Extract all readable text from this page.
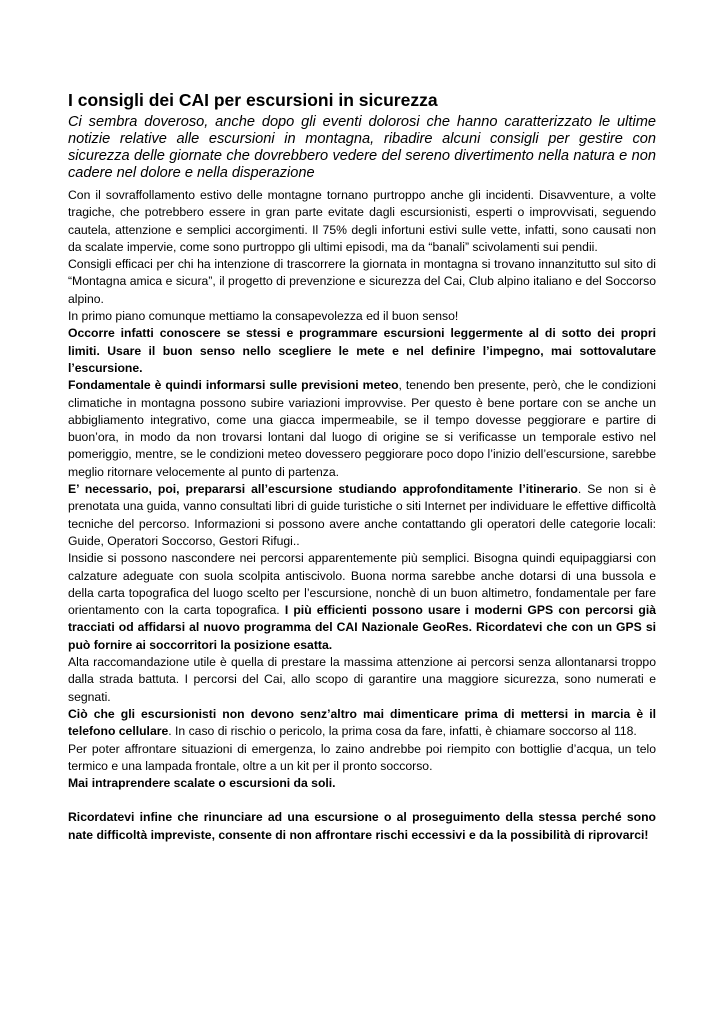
I consigli dei CAI per escursioni in sicurezza

Ci sembra doveroso, anche dopo gli eventi dolorosi che hanno caratterizzato le ultime notizie relative alle escursioni in montagna, ribadire alcuni consigli per gestire con sicurezza delle giornate che dovrebbero vedere del sereno divertimento nella natura e non cadere nel dolore e nella disperazione

Con il sovraffollamento estivo delle montagne tornano purtroppo anche gli incidenti. Disavventure, a volte tragiche, che potrebbero essere in gran parte evitate dagli escursionisti, esperti o improvvisati, seguendo cautela, attenzione e semplici accorgimenti. Il 75% degli infortuni estivi sulle vette, infatti, sono causati non da scalate impervie, come sono purtroppo gli ultimi episodi, ma da “banali” scivolamenti sui pendii.

Consigli efficaci per chi ha intenzione di trascorrere la giornata in montagna si trovano innanzitutto sul sito di “Montagna amica e sicura”, il progetto di prevenzione e sicurezza del Cai, Club alpino italiano e del Soccorso alpino.

In primo piano comunque mettiamo la consapevolezza ed il buon senso!

Occorre infatti conoscere se stessi e programmare escursioni leggermente al di sotto dei propri limiti. Usare il buon senso nello scegliere le mete e nel definire l’impegno, mai sottovalutare l’escursione.

Fondamentale è quindi informarsi sulle previsioni meteo, tenendo ben presente, però, che le condizioni climatiche in montagna possono subire variazioni improvvise. Per questo è bene portare con se anche un abbigliamento integrativo, come una giacca impermeabile, se il tempo dovesse peggiorare e partire di buon’ora, in modo da non trovarsi lontani dal luogo di origine se si verificasse un temporale estivo nel pomeriggio, mentre, se le condizioni meteo dovessero peggiorare poco dopo l’inizio dell’escursione, sarebbe meglio ritornare velocemente al punto di partenza.

E’ necessario, poi, prepararsi all’escursione studiando approfonditamente l’itinerario. Se non si è prenotata una guida, vanno consultati libri di guide turistiche o siti Internet per individuare le effettive difficoltà tecniche del percorso. Informazioni si possono avere anche contattando gli operatori delle categorie locali: Guide, Operatori Soccorso, Gestori Rifugi..

Insidie si possono nascondere nei percorsi apparentemente più semplici. Bisogna quindi equipaggiarsi con calzature adeguate con suola scolpita antiscivolo. Buona norma sarebbe anche dotarsi di una bussola e della carta topografica del luogo scelto per l’escursione, nonchè di un buon altimetro, fondamentale per fare orientamento con la carta topografica. I più efficienti possono usare i moderni GPS con percorsi già tracciati od affidarsi al nuovo programma del CAI Nazionale GeoRes. Ricordatevi che con un GPS si può fornire ai soccorritori la posizione esatta.

Alta raccomandazione utile è quella di prestare la massima attenzione ai percorsi senza allontanarsi troppo dalla strada battuta. I percorsi del Cai, allo scopo di garantire una maggiore sicurezza, sono numerati e segnati.

Ciò che gli escursionisti non devono senz’altro mai dimenticare prima di mettersi in marcia è il telefono cellulare. In caso di rischio o pericolo, la prima cosa da fare, infatti, è chiamare soccorso al 118.

Per poter affrontare situazioni di emergenza, lo zaino andrebbe poi riempito con bottiglie d’acqua, un telo termico e una lampada frontale, oltre a un kit per il pronto soccorso.

Mai intraprendere scalate o escursioni da soli.

Ricordatevi infine che rinunciare ad una escursione o al proseguimento della stessa perché sono nate difficoltà impreviste, consente di non affrontare rischi eccessivi e da la possibilità di riprovarci!
